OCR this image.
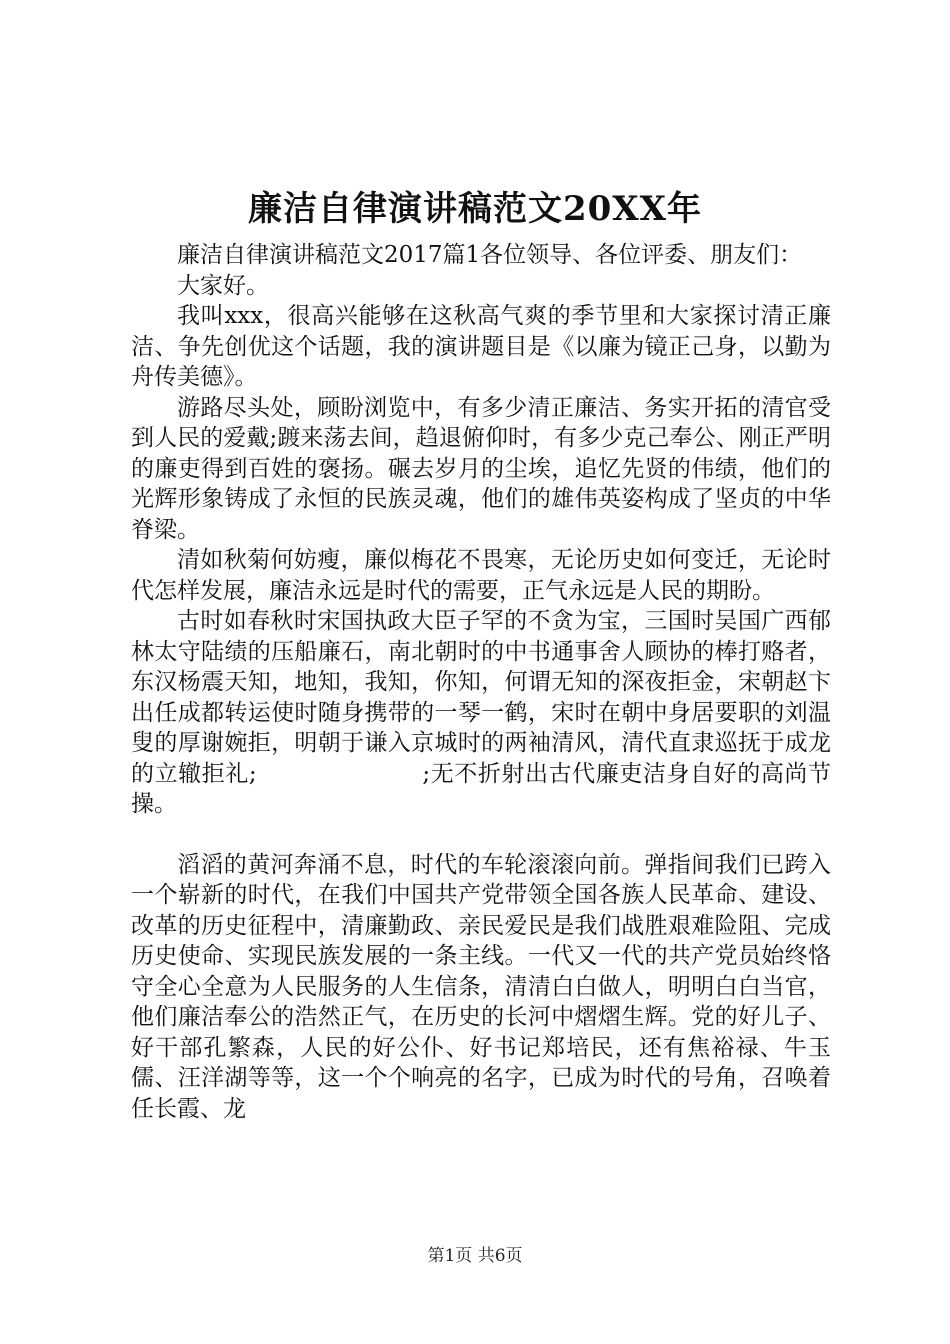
廉洁自律演讲稿范文20XX年

廉洁自律演讲稿范文2017篇1各位领导、各位评委、朋友们：

大家好。

我叫xxx，很高兴能够在这秋高气爽的季节里和大家探讨清正廉洁、争先创优这个话题，我的演讲题目是《以廉为镜正己身，以勤为舟传美德》。

游路尽头处，顾盼浏览中，有多少清正廉洁、务实开拓的清官受到人民的爱戴;踱来荡去间，趋退俯仰时，有多少克己奉公、刚正严明的廉吏得到百姓的褒扬。碾去岁月的尘埃，追忆先贤的伟绩，他们的光辉形象铸成了永恒的民族灵魂，他们的雄伟英姿构成了坚贞的中华脊梁。

清如秋菊何妨瘦，廉似梅花不畏寒，无论历史如何变迁，无论时代怎样发展，廉洁永远是时代的需要，正气永远是人民的期盼。

古时如春秋时宋国执政大臣子罕的不贪为宝，三国时吴国广西郁林太守陆绩的压船廉石，南北朝时的中书通事舍人顾协的棒打赂者，东汉杨震天知，地知，我知，你知，何谓无知的深夜拒金，宋朝赵卞出任成都转运使时随身携带的一琴一鹤，宋时在朝中身居要职的刘温叟的厚谢婉拒，明朝于谦入京城时的两袖清风，清代直隶巡抚于成龙的立辙拒礼;　　　　　　　;无不折射出古代廉吏洁身自好的高尚节操。

滔滔的黄河奔涌不息，时代的车轮滚滚向前。弹指间我们已跨入一个崭新的时代，在我们中国共产党带领全国各族人民革命、建设、改革的历史征程中，清廉勤政、亲民爱民是我们战胜艰难险阻、完成历史使命、实现民族发展的一条主线。一代又一代的共产党员始终恪守全心全意为人民服务的人生信条，清清白白做人，明明白白当官，他们廉洁奉公的浩然正气，在历史的长河中熠熠生辉。党的好儿子、好干部孔繁森，人民的好公仆、好书记郑培民，还有焦裕禄、牛玉儒、汪洋湖等等，这一个个响亮的名字，已成为时代的号角，召唤着任长霞、龙

第1页 共6页
